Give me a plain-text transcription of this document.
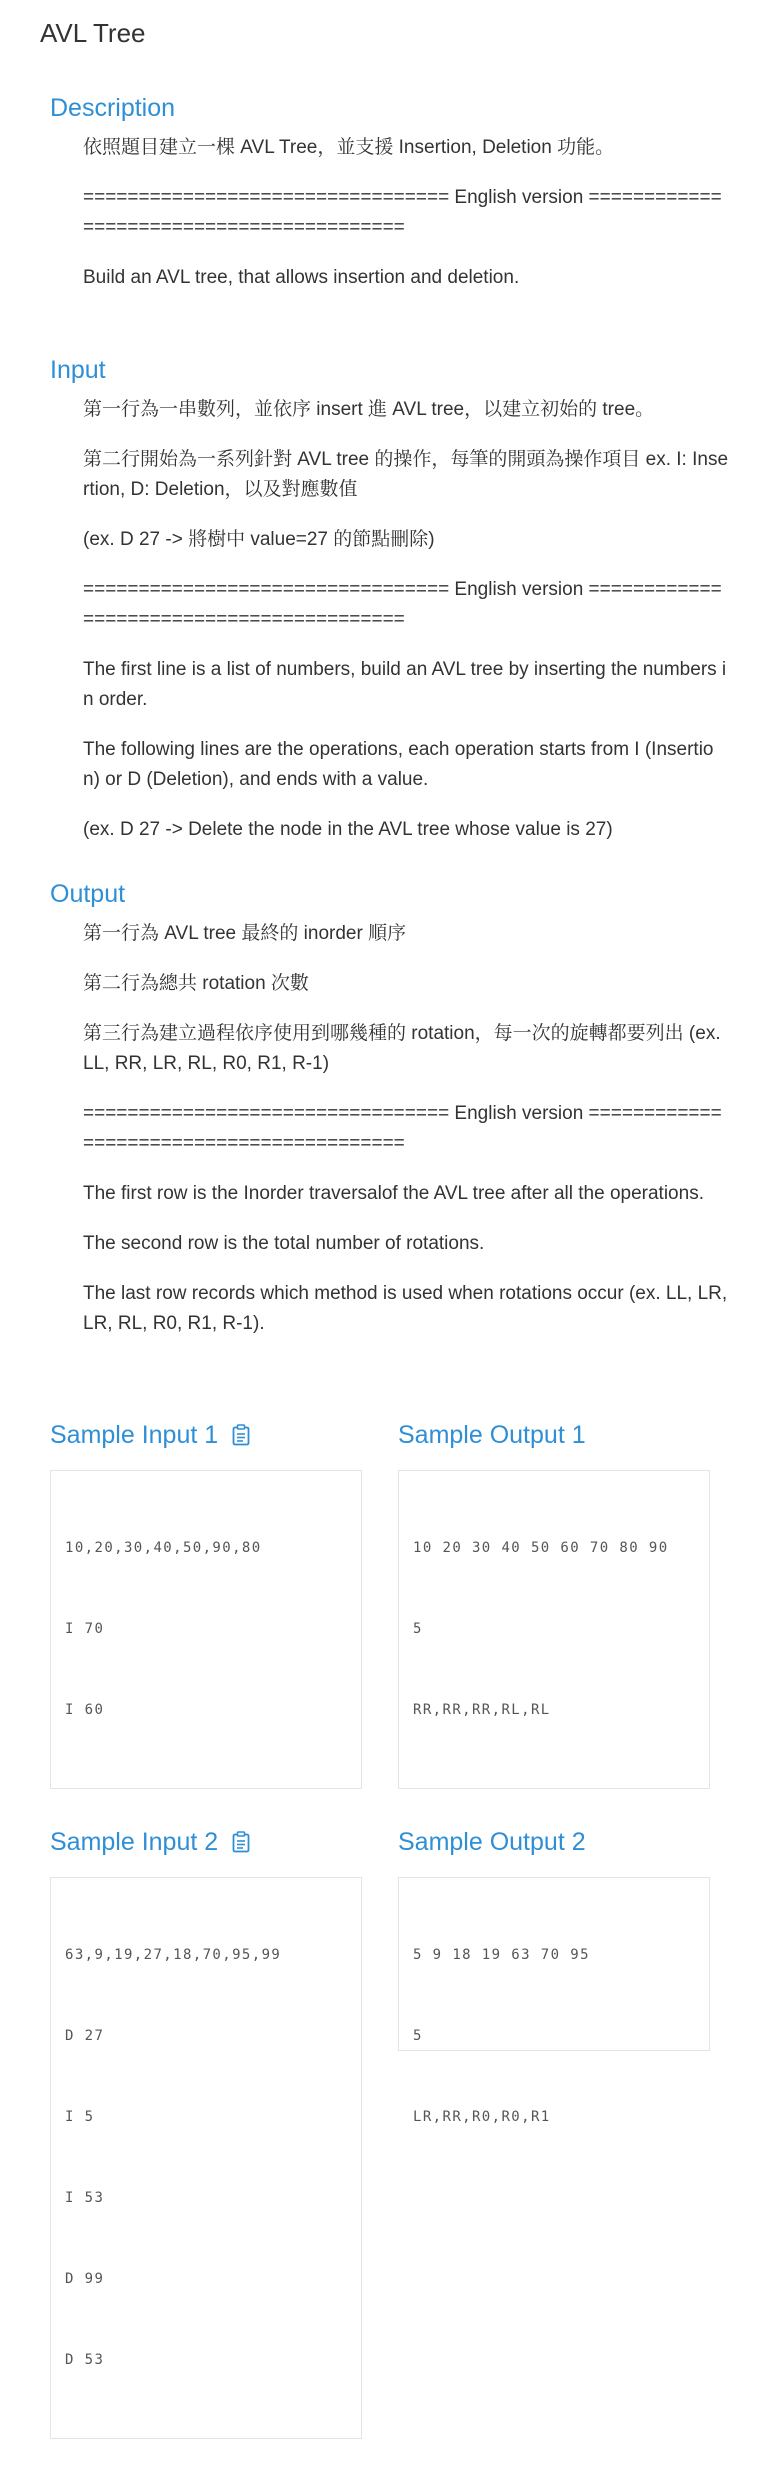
AVL Tree
Description

依照題目建立一棵 AVL Tree，並支援 Insertion, Deletion 功能。

================================= English version =========================================

Build an AVL tree, that allows insertion and deletion.

Input

第一行為一串數列，並依序 insert 進 AVL tree，以建立初始的 tree。

第二行開始為一系列針對 AVL tree 的操作，每筆的開頭為操作項目 ex. I: Insertion, D: Deletion，以及對應數值

(ex. D 27 -> 將樹中 value=27 的節點刪除)

================================= English version =========================================

The first line is a list of numbers, build an AVL tree by inserting the numbers in order.

The following lines are the operations, each operation starts from I (Insertion) or D (Deletion), and ends with a value.

(ex. D 27 -> Delete the node in the AVL tree whose value is 27)

Output

第一行為 AVL tree 最終的 inorder 順序

第二行為總共 rotation 次數

第三行為建立過程依序使用到哪幾種的 rotation，每一次的旋轉都要列出 (ex. LL, RR, LR, RL, R0, R1, R-1)

================================= English version =========================================

The first row is the Inorder traversalof the AVL tree after all the operations.

The second row is the total number of rotations.

The last row records which method is used when rotations occur (ex. LL, LR, LR, RL, R0, R1, R-1).

Sample Input 1

10,20,30,40,50,90,80

I 70

I 60

Sample Output 1

10 20 30 40 50 60 70 80 90

5

RR,RR,RR,RL,RL

Sample Input 2

63,9,19,27,18,70,95,99

D 27

I 5

I 53

D 99

D 53

Sample Output 2

5 9 18 19 63 70 95

5

LR,RR,R0,R0,R1
